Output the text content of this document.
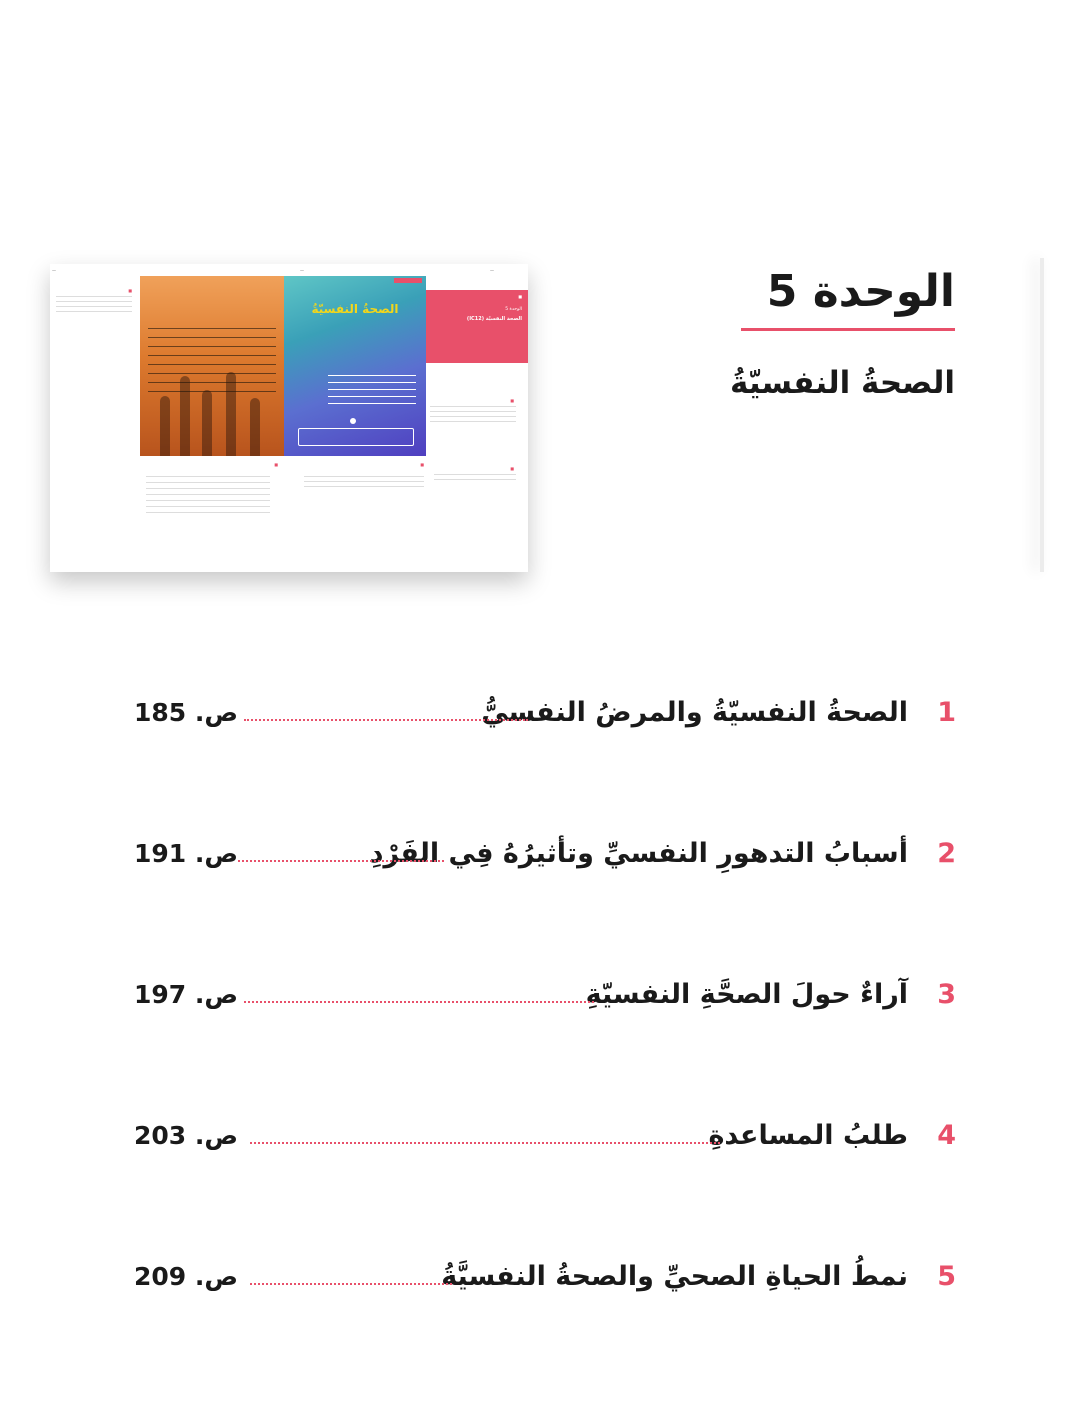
الوحدة 5
الصحةُ النفسيّةُ
—	—	—
■
الصحةُ النفسيّةُ
■
الوحدة 5
الصحة النفسيّة (IC12)
■
■
■	■
1
الصحةُ النفسيّةُ والمرضُ النفسيُّ
ص. 185
2
أسبابُ التدهورِ النفسيِّ وتأثيرُهُ فِي الفَرْدِ
ص. 191
3
آراءٌ حولَ الصحَّةِ النفسيّةِ
ص. 197
4
طلبُ المساعدةِ
ص. 203
5
نمطُ الحياةِ الصحيِّ والصحةُ النفسيَّةُ
ص. 209
